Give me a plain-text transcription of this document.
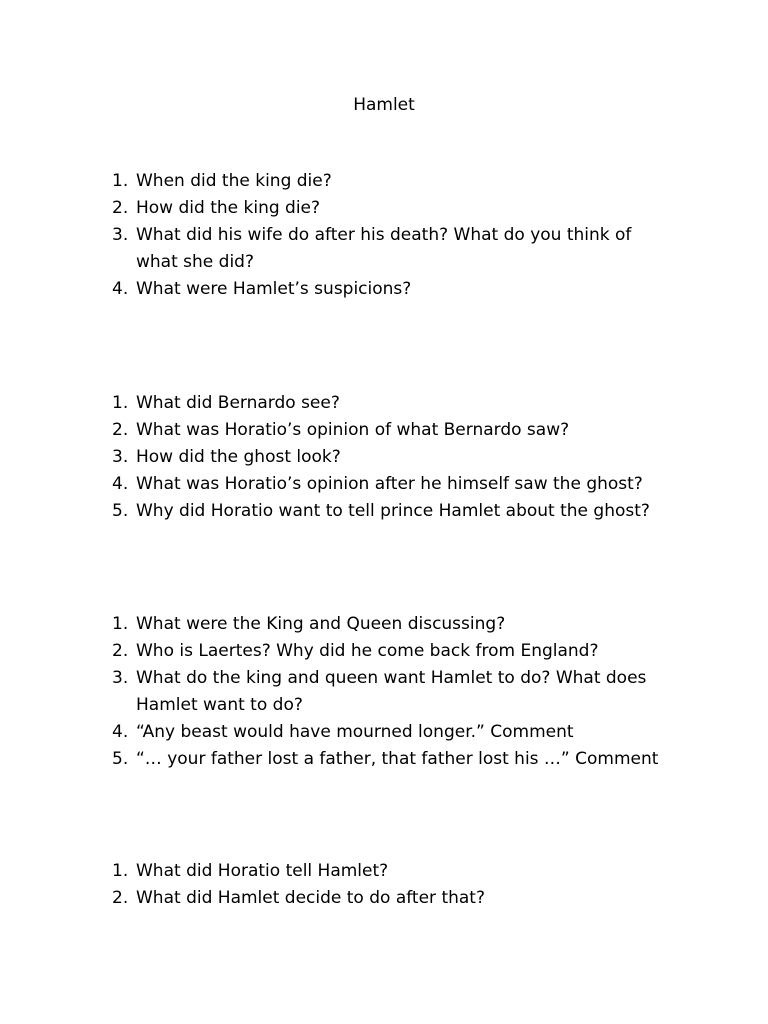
Hamlet
1. When did the king die?
2. How did the king die?
3. What did his wife do after his death? What do you think of what she did?
4. What were Hamlet’s suspicions?
1. What did Bernardo see?
2. What was Horatio’s opinion of what Bernardo saw?
3. How did the ghost look?
4. What was Horatio’s opinion after he himself saw the ghost?
5. Why did Horatio want to tell prince Hamlet about the ghost?
1. What were the King and Queen discussing?
2. Who is Laertes? Why did he come back from England?
3. What do the king and queen want Hamlet to do? What does Hamlet want to do?
4. “Any beast would have mourned longer.” Comment
5. “… your father lost a father, that father lost his …” Comment
1. What did Horatio tell Hamlet?
2. What did Hamlet decide to do after that?
